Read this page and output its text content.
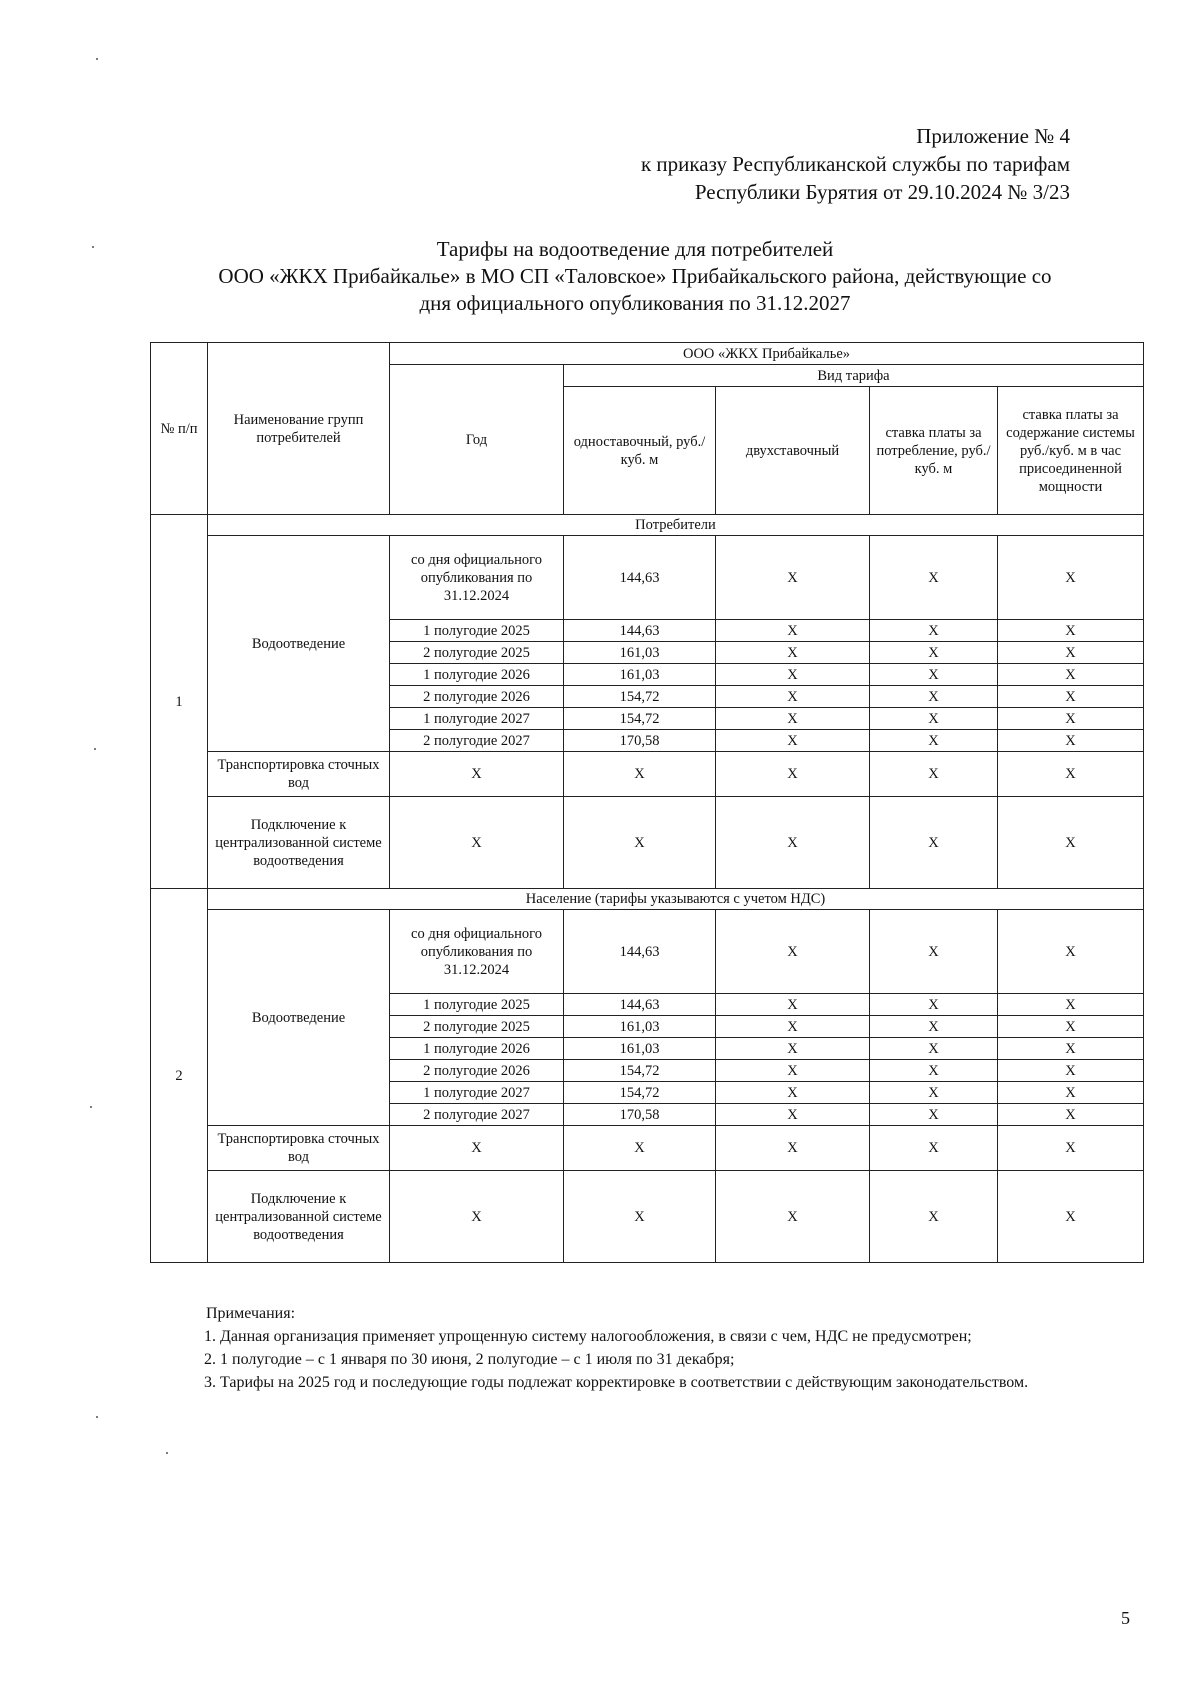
Приложение № 4
к приказу Республиканской службы по тарифам
Республики Бурятия от 29.10.2024 № 3/23
Тарифы на водоотведение для потребителей
ООО «ЖКХ Прибайкалье» в МО СП «Таловское» Прибайкальского района, действующие со
дня официального опубликования по 31.12.2027
№ п/п	Наименование групп потребителей	ООО «ЖКХ Прибайкалье»				
		Год	Вид тарифа			
			одноставочный, руб./ куб. м	двухставочный	ставка платы за потребление, руб./ куб. м	ставка платы за содержание системы руб./куб. м в час присоединенной мощности
1	Потребители					
	Водоотведение	со дня официального опубликования по 31.12.2024	144,63	X	X	X
		1 полугодие 2025	144,63	X	X	X
		2 полугодие 2025	161,03	X	X	X
		1 полугодие 2026	161,03	X	X	X
		2 полугодие 2026	154,72	X	X	X
		1 полугодие 2027	154,72	X	X	X
		2 полугодие 2027	170,58	X	X	X
	Транспортировка сточных вод	X	X	X	X	X
	Подключение к централизованной системе водоотведения	X	X	X	X	X
2	Население (тарифы указываются с учетом НДС)					
	Водоотведение	со дня официального опубликования по 31.12.2024	144,63	X	X	X
		1 полугодие 2025	144,63	X	X	X
		2 полугодие 2025	161,03	X	X	X
		1 полугодие 2026	161,03	X	X	X
		2 полугодие 2026	154,72	X	X	X
		1 полугодие 2027	154,72	X	X	X
		2 полугодие 2027	170,58	X	X	X
	Транспортировка сточных вод	X	X	X	X	X
	Подключение к централизованной системе водоотведения	X	X	X	X	X

Примечания:

1. Данная организация применяет упрощенную систему налогообложения, в связи с чем, НДС не предусмотрен;

2. 1 полугодие – с 1 января по 30 июня, 2 полугодие – с 1 июля по 31 декабря;

3. Тарифы на 2025 год и последующие годы подлежат корректировке в соответствии с действующим законодательством.

5
